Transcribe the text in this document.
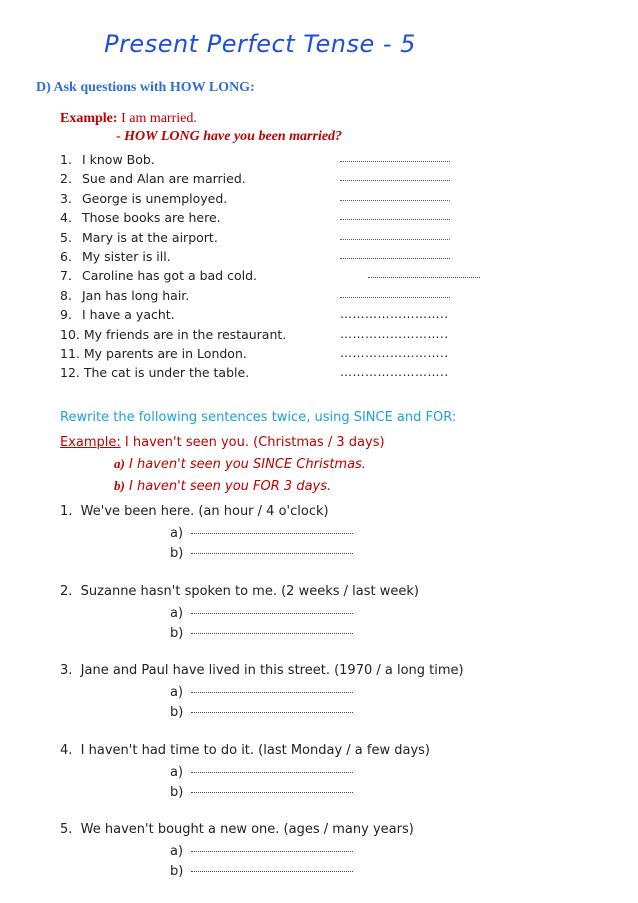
Present Perfect Tense - 5
D) Ask questions with HOW LONG:
Example: I am married.
- HOW LONG have you been married?
1. I know Bob.
2. Sue and Alan are married.
3. George is unemployed.
4. Those books are here.
5. Mary is at the airport.
6. My sister is ill.
7. Caroline has got a bad cold.
8. Jan has long hair.
9. I have a yacht.	……………………..
10. My friends are in the restaurant.	……………………..
11. My parents are in London.	……………………..
12. The cat is under the table.	……………………..
Rewrite the following sentences twice, using SINCE and FOR:
Example: I haven't seen you. (Christmas / 3 days)
a) I haven't seen you SINCE Christmas.
b) I haven't seen you FOR 3 days.
1. We've been here. (an hour / 4 o'clock)
a)
b)
2. Suzanne hasn't spoken to me. (2 weeks / last week)
a)
b)
3. Jane and Paul have lived in this street. (1970 / a long time)
a)
b)
4. I haven't had time to do it. (last Monday / a few days)
a)
b)
5. We haven't bought a new one. (ages / many years)
a)
b)
